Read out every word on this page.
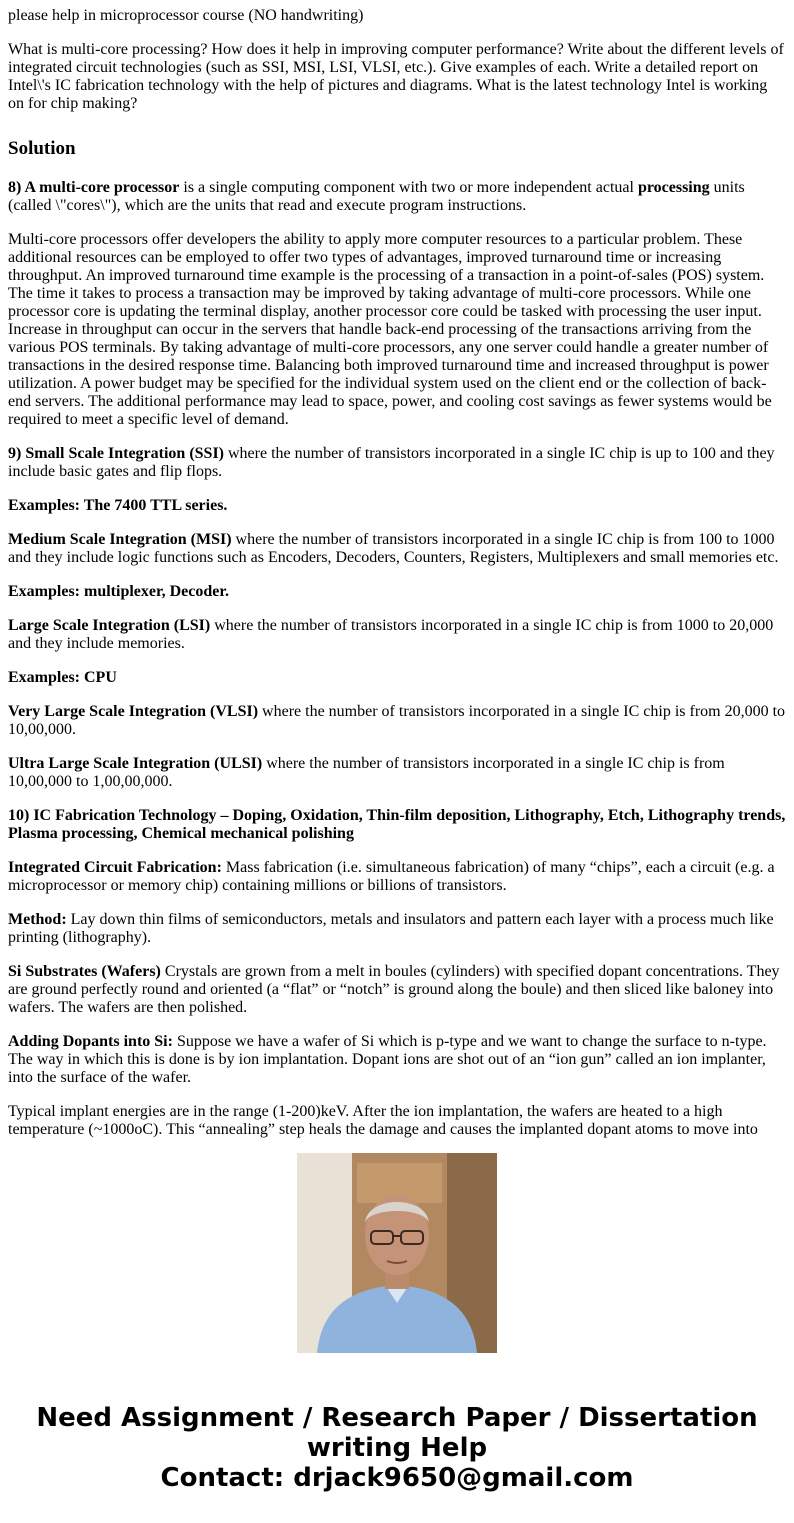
please help in microprocessor course (NO handwriting)

What is multi-core processing? How does it help in improving computer performance? Write about the different levels of integrated circuit technologies (such as SSI, MSI, LSI, VLSI, etc.). Give examples of each. Write a detailed report on Intel\'s IC fabrication technology with the help of pictures and diagrams. What is the latest technology Intel is working on for chip making?

Solution

8) A multi-core processor is a single computing component with two or more independent actual processing units (called \"cores\"), which are the units that read and execute program instructions.

Multi-core processors offer developers the ability to apply more computer resources to a particular problem. These additional resources can be employed to offer two types of advantages, improved turnaround time or increasing throughput. An improved turnaround time example is the processing of a transaction in a point-of-sales (POS) system. The time it takes to process a transaction may be improved by taking advantage of multi-core processors. While one processor core is updating the terminal display, another processor core could be tasked with processing the user input. Increase in throughput can occur in the servers that handle back-end processing of the transactions arriving from the various POS terminals. By taking advantage of multi-core processors, any one server could handle a greater number of transactions in the desired response time. Balancing both improved turnaround time and increased throughput is power utilization. A power budget may be specified for the individual system used on the client end or the collection of back-end servers. The additional performance may lead to space, power, and cooling cost savings as fewer systems would be required to meet a specific level of demand.

9) Small Scale Integration (SSI) where the number of transistors incorporated in a single IC chip is up to 100 and they include basic gates and flip flops.

Examples: The 7400 TTL series.

Medium Scale Integration (MSI) where the number of transistors incorporated in a single IC chip is from 100 to 1000 and they include logic functions such as Encoders, Decoders, Counters, Registers, Multiplexers and small memories etc.

Examples: multiplexer, Decoder.

Large Scale Integration (LSI) where the number of transistors incorporated in a single IC chip is from 1000 to 20,000 and they include memories.

Examples: CPU

Very Large Scale Integration (VLSI) where the number of transistors incorporated in a single IC chip is from 20,000 to 10,00,000.

Ultra Large Scale Integration (ULSI) where the number of transistors incorporated in a single IC chip is from 10,00,000 to 1,00,00,000.

10) IC Fabrication Technology – Doping, Oxidation, Thin-film deposition, Lithography, Etch, Lithography trends, Plasma processing, Chemical mechanical polishing

Integrated Circuit Fabrication: Mass fabrication (i.e. simultaneous fabrication) of many “chips”, each a circuit (e.g. a microprocessor or memory chip) containing millions or billions of transistors.

Method: Lay down thin films of semiconductors, metals and insulators and pattern each layer with a process much like printing (lithography).

Si Substrates (Wafers) Crystals are grown from a melt in boules (cylinders) with specified dopant concentrations. They are ground perfectly round and oriented (a “flat” or “notch” is ground along the boule) and then sliced like baloney into wafers. The wafers are then polished.

Adding Dopants into Si: Suppose we have a wafer of Si which is p-type and we want to change the surface to n-type. The way in which this is done is by ion implantation. Dopant ions are shot out of an “ion gun” called an ion implanter, into the surface of the wafer.

Typical implant energies are in the range (1-200)keV. After the ion implantation, the wafers are heated to a high temperature (~1000oC). This “annealing” step heals the damage and causes the implanted dopant atoms to move into

Need Assignment / Research Paper / Dissertation
writing Help
Contact: drjack9650@gmail.com
